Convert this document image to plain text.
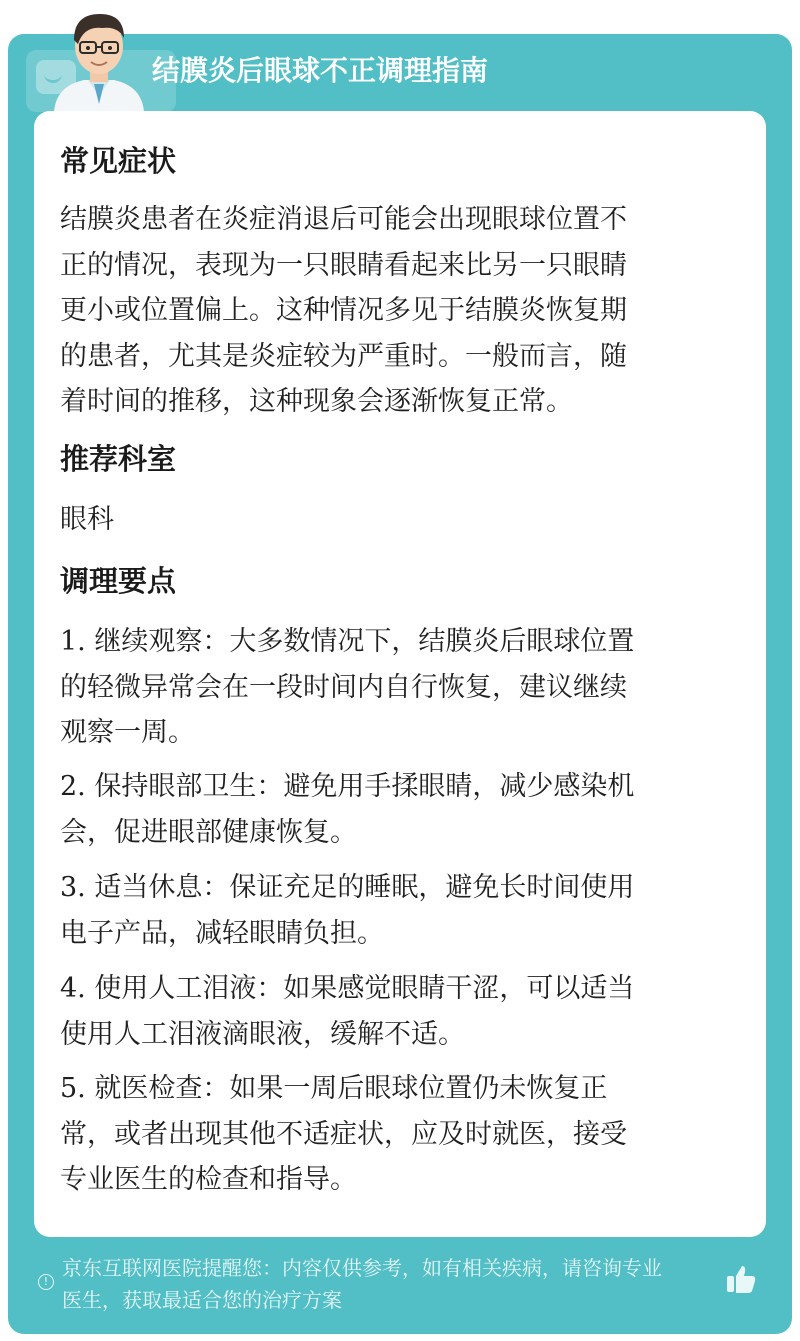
结膜炎后眼球不正调理指南
常见症状
结膜炎患者在炎症消退后可能会出现眼球位置不
正的情况，表现为一只眼睛看起来比另一只眼睛
更小或位置偏上。这种情况多见于结膜炎恢复期
的患者，尤其是炎症较为严重时。一般而言，随
着时间的推移，这种现象会逐渐恢复正常。
推荐科室
眼科
调理要点
1. 继续观察：大多数情况下，结膜炎后眼球位置
的轻微异常会在一段时间内自行恢复，建议继续
观察一周。
2. 保持眼部卫生：避免用手揉眼睛，减少感染机
会，促进眼部健康恢复。
3. 适当休息：保证充足的睡眠，避免长时间使用
电子产品，减轻眼睛负担。
4. 使用人工泪液：如果感觉眼睛干涩，可以适当
使用人工泪液滴眼液，缓解不适。
5. 就医检查：如果一周后眼球位置仍未恢复正
常，或者出现其他不适症状，应及时就医，接受
专业医生的检查和指导。
!
京东互联网医院提醒您：内容仅供参考，如有相关疾病，请咨询专业
医生，获取最适合您的治疗方案
